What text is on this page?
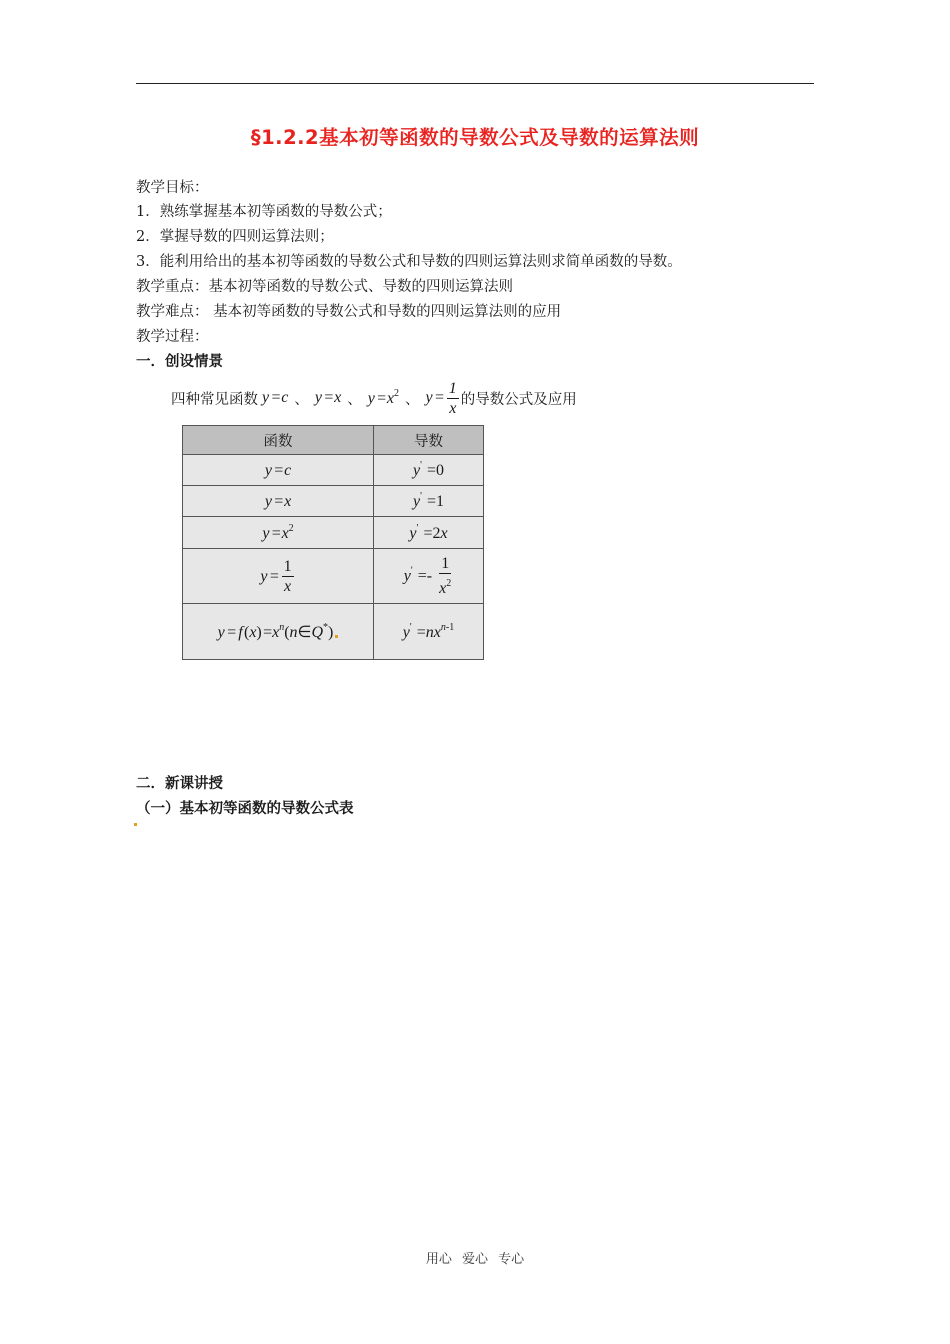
§1.2.2基本初等函数的导数公式及导数的运算法则
教学目标：
1．熟练掌握基本初等函数的导数公式；
2．掌握导数的四则运算法则；
3．能利用给出的基本初等函数的导数公式和导数的四则运算法则求简单函数的导数。
教学重点：基本初等函数的导数公式、导数的四则运算法则
教学难点： 基本初等函数的导数公式和导数的四则运算法则的应用
教学过程：
一．创设情景
四种常见函数 y =c 、 y =x 、 y $=x^2$ 、 y = $\frac{1}{x}$ 的导数公式及应用
函数	导数
y =c	y' =0
y =x	y' =1
y $=x^2$	y' =2x
y = $\frac{1}{x}$	$y' =- \frac{1}{x^2}$

y = f (x) $=x^n(n\in Q^*)$	$y' =nx^{n-1}$
二．新课讲授
（一）基本初等函数的导数公式表
用心 爱心 专心
